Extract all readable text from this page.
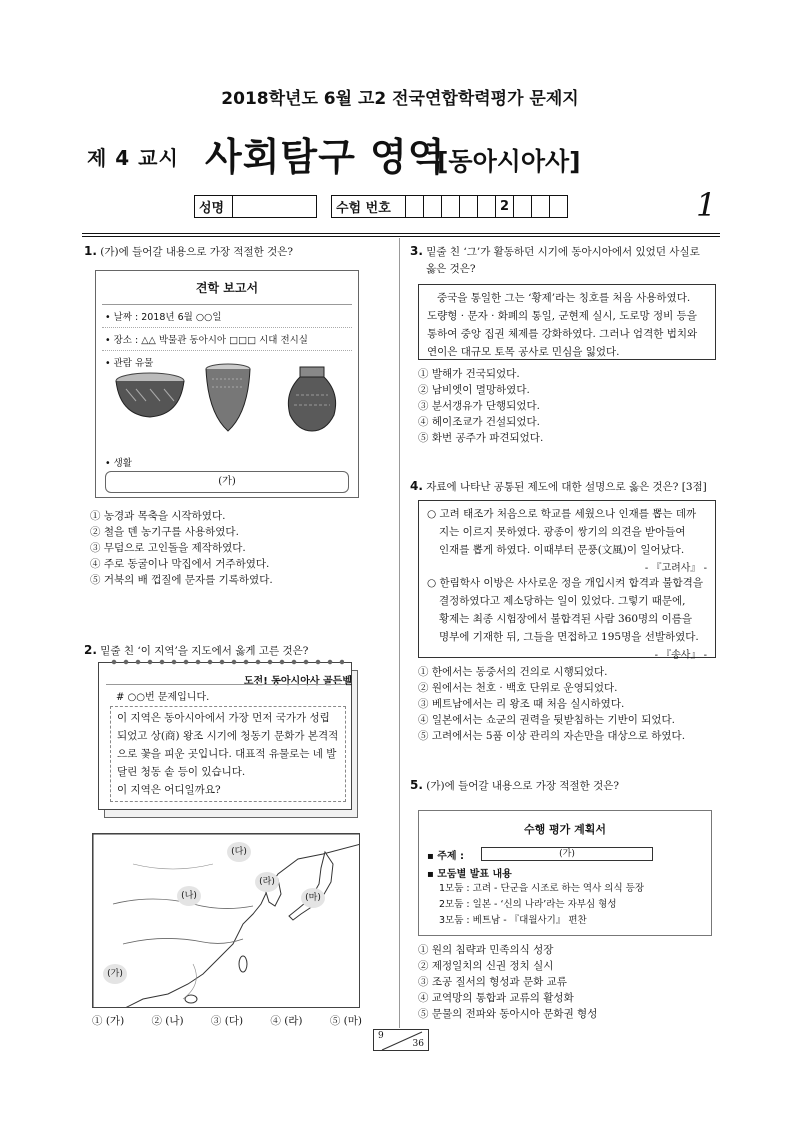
2018학년도 6월 고2 전국연합학력평가 문제지
제 4 교시 사회탐구 영역
[동아시아사]
성명		수험 번호						2				1
1. (가)에 들어갈 내용으로 가장 적절한 것은?
견학 보고서
• 날짜 : 2018년 6월 ○○일
• 장소 : △△ 박물관 동아시아 □□□ 시대 전시실
• 관람 유물
• 생활
(가)
① 농경과 목축을 시작하였다.
② 철을 덴 농기구를 사용하였다.
③ 무덤으로 고인돌을 제작하였다.
④ 주로 동굴이나 막집에서 거주하였다.
⑤ 거북의 배 껍질에 문자를 기록하였다.
2. 밑줄 친 ‘이 지역’을 지도에서 옳게 고른 것은?
도전! 동아시아사 골든벨
# ○○번 문제입니다.
이 지역은 동아시아에서 가장 먼저 국가가 성립
되었고 상(商) 왕조 시기에 청동기 문화가 본격적
으로 꽃을 피운 곳입니다. 대표적 유물로는 네 발
달린 청동 솥 등이 있습니다.
이 지역은 어디일까요?
(다)
(나)
(라)
(마)
(가)
① (가)	② (나)	③ (다)	④ (라)	⑤ (마)
3. 밑줄 친 ‘그’가 활동하던 시기에 동아시아에서 있었던 사실로
옳은 것은?
중국을 통일한 그는 ‘황제’라는 칭호를 처음 사용하였다.
도량형 · 문자 · 화폐의 통일, 군현제 실시, 도로망 정비 등을
통하여 중앙 집권 체제를 강화하였다. 그러나 엄격한 법치와
연이은 대규모 토목 공사로 민심을 잃었다.
① 발해가 건국되었다.
② 남비엣이 멸망하였다.
③ 분서갱유가 단행되었다.
④ 헤이조쿄가 건설되었다.
⑤ 화번 공주가 파견되었다.
4. 자료에 나타난 공통된 제도에 대한 설명으로 옳은 것은? [3점]
○ 고려 태조가 처음으로 학교를 세웠으나 인재를 뽑는 데까
지는 이르지 못하였다. 광종이 쌍기의 의견을 받아들여
인재를 뽑게 하였다. 이때부터 문풍(文風)이 일어났다.
- 『고려사』 -
○ 한림학사 이방은 사사로운 정을 개입시켜 합격과 불합격을
결정하였다고 제소당하는 일이 있었다. 그렇기 때문에,
황제는 최종 시험장에서 불합격된 사람 360명의 이름을
명부에 기재한 뒤, 그들을 면접하고 195명을 선발하였다.
- 『송사』 -
① 한에서는 동중서의 건의로 시행되었다.
② 원에서는 천호 · 백호 단위로 운영되었다.
③ 베트남에서는 리 왕조 때 처음 실시하였다.
④ 일본에서는 쇼군의 권력을 뒷받침하는 기반이 되었다.
⑤ 고려에서는 5품 이상 관리의 자손만을 대상으로 하였다.
5. (가)에 들어갈 내용으로 가장 적절한 것은?
수행 평가 계획서
▪ 주제 :	(가)
▪ 모둠별 발표 내용
1모둠 : 고려 - 단군을 시조로 하는 역사 의식 등장
2모둠 : 일본 - ‘신의 나라’라는 자부심 형성
3모둠 : 베트남 - 『대월사기』 편찬
① 원의 침략과 민족의식 성장
② 제정일치의 신권 정치 실시
③ 조공 질서의 형성과 문화 교류
④ 교역망의 통합과 교류의 활성화
⑤ 문물의 전파와 동아시아 문화권 형성
9
36
